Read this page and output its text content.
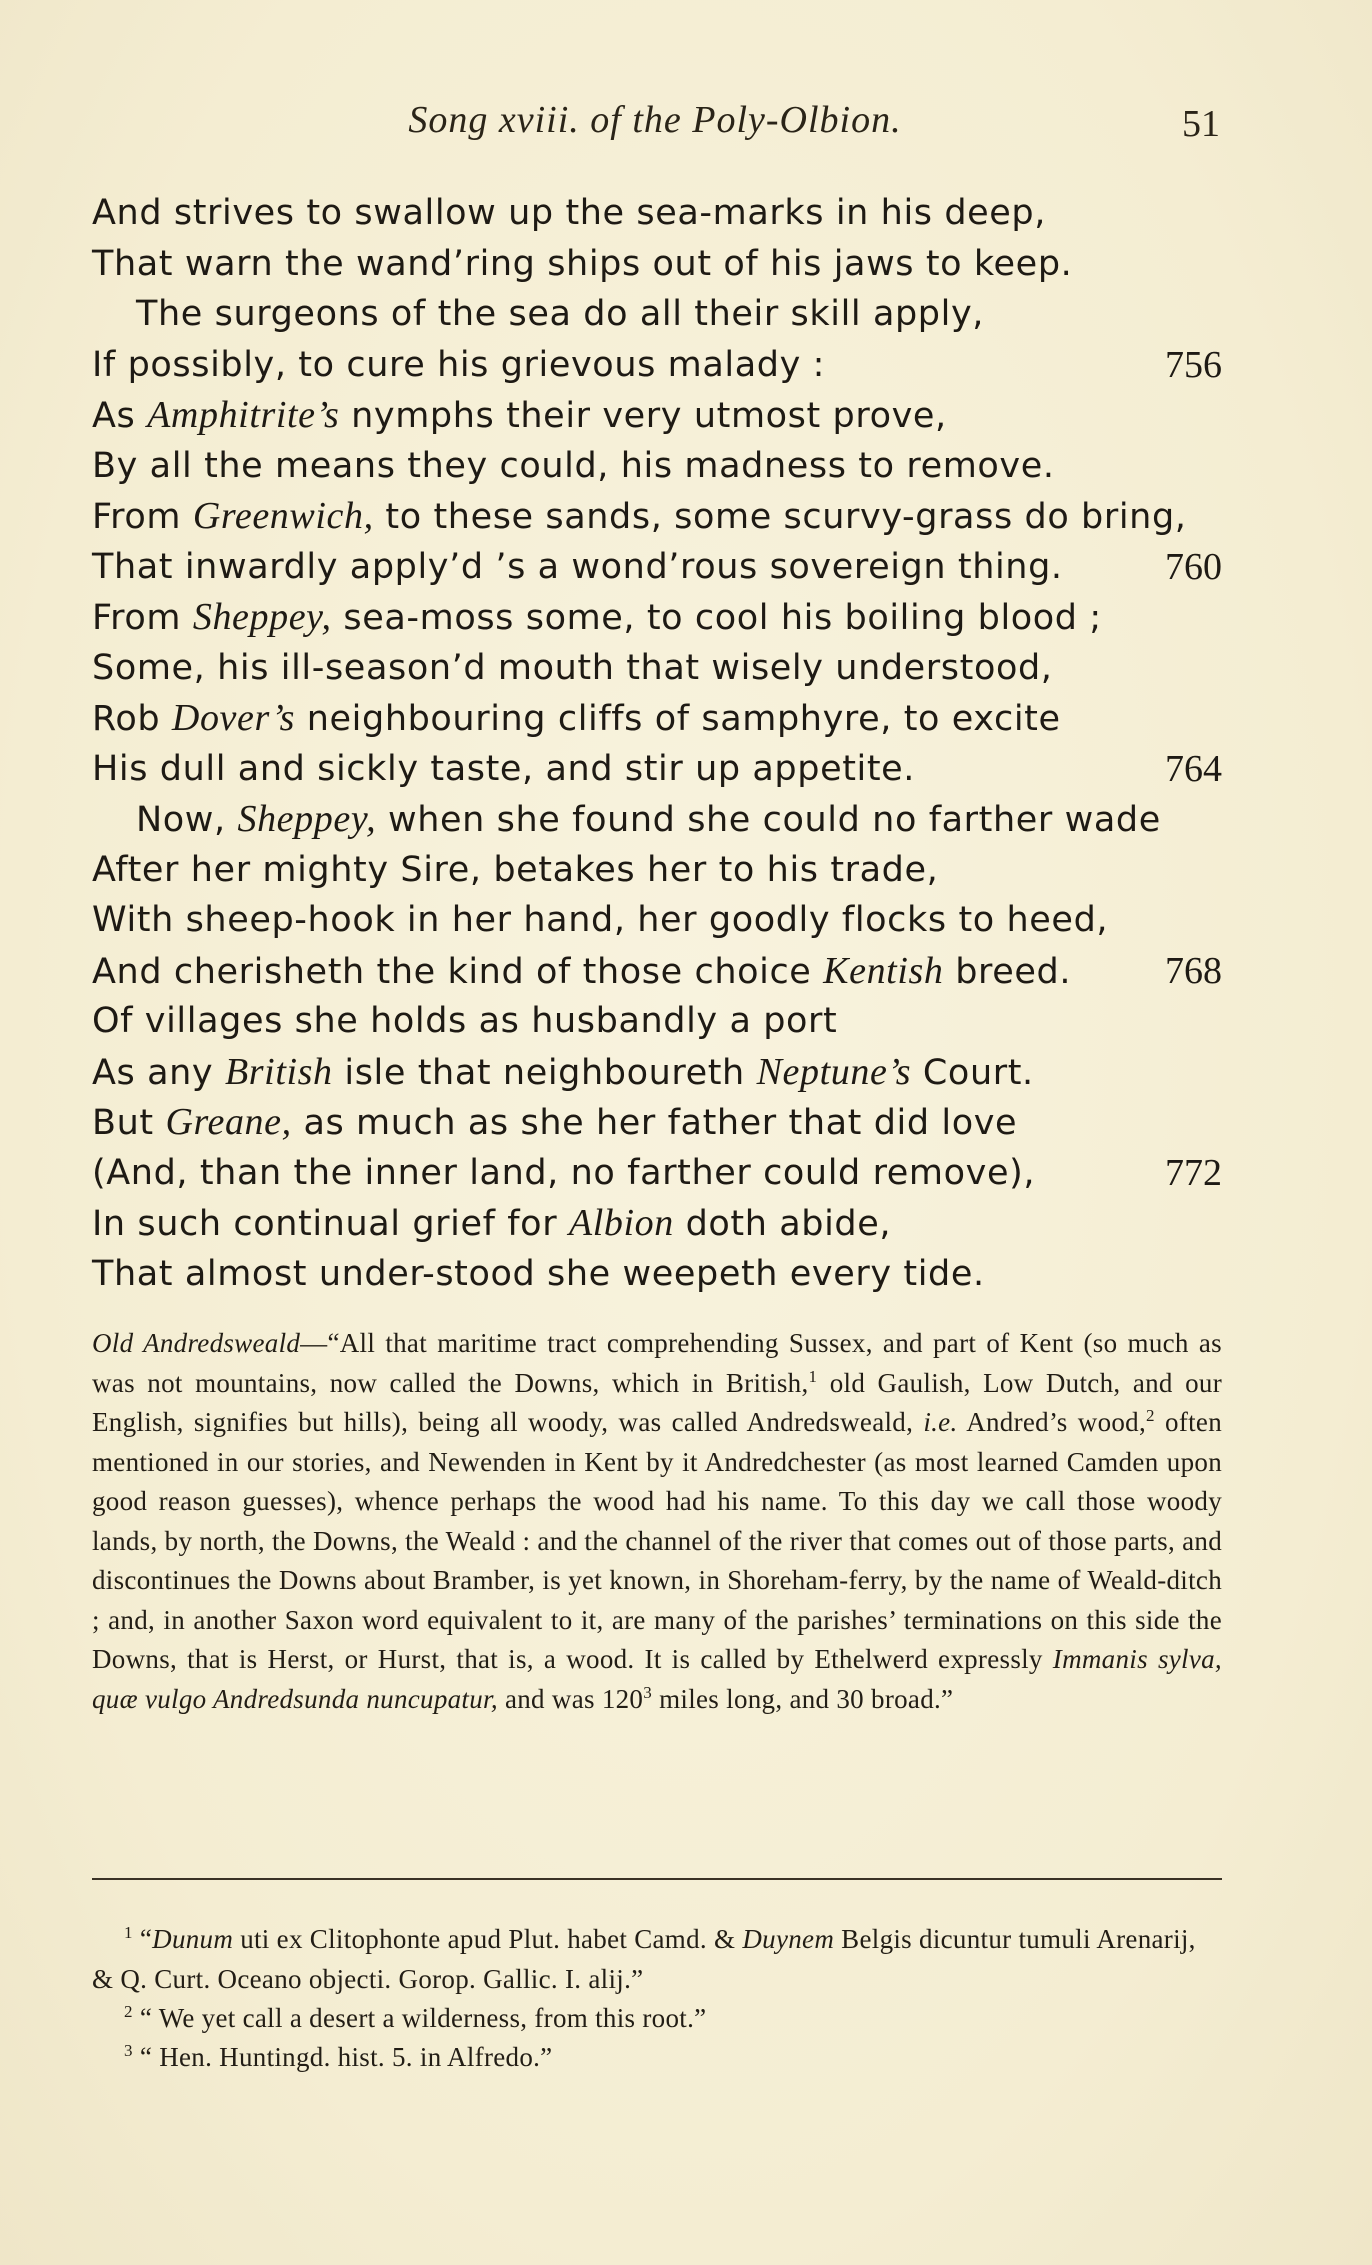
Song xviii. of the Poly-Olbion.	51
And strives to swallow up the sea-marks in his deep,
That warn the wand’ring ships out of his jaws to keep.
The surgeons of the sea do all their skill apply,
If possibly, to cure his grievous malady :	756
As Amphitrite’s nymphs their very utmost prove,
By all the means they could, his madness to remove.
From Greenwich, to these sands, some scurvy-grass do bring,
That inwardly apply’d ’s a wond’rous sovereign thing.	760
From Sheppey, sea-moss some, to cool his boiling blood ;
Some, his ill-season’d mouth that wisely understood,
Rob Dover’s neighbouring cliffs of samphyre, to excite
His dull and sickly taste, and stir up appetite.	764
Now, Sheppey, when she found she could no farther wade
After her mighty Sire, betakes her to his trade,
With sheep-hook in her hand, her goodly flocks to heed,
And cherisheth the kind of those choice Kentish breed. 768
Of villages she holds as husbandly a port
As any British isle that neighboureth Neptune’s Court.
But Greane, as much as she her father that did love
(And, than the inner land, no farther could remove),	772
In such continual grief for Albion doth abide,
That almost under-stood she weepeth every tide.
Old Andredsweald—“All that maritime tract comprehending Sussex, and part of Kent (so much as was not mountains, now called the Downs, which in British,$^1$ old Gaulish, Low Dutch, and our English, signifies but hills), being all woody, was called Andredsweald, i.e. Andred’s wood,$^2$ often mentioned in our stories, and Newenden in Kent by it Andredchester (as most learned Camden upon good reason guesses), whence perhaps the wood had his name. To this day we call those woody lands, by north, the Downs, the Weald : and the channel of the river that comes out of those parts, and discontinues the Downs about Bramber, is yet known, in Shoreham-ferry, by the name of Weald-ditch ; and, in another Saxon word equivalent to it, are many of the parishes’ terminations on this side the Downs, that is Herst, or Hurst, that is, a wood. It is called by Ethelwerd expressly Immanis sylva, quæ vulgo Andredsunda nuncupatur, and was $120^3$ miles long, and 30 broad.”
$^1$ “Dunum uti ex Clitophonte apud Plut. habet Camd. & Duynem Belgis dicuntur tumuli Arenarij, & Q. Curt. Oceano objecti. Gorop. Gallic. I. alij.”
$^2$ “ We yet call a desert a wilderness, from this root.”
$^3$ “ Hen. Huntingd. hist. 5. in Alfredo.”
